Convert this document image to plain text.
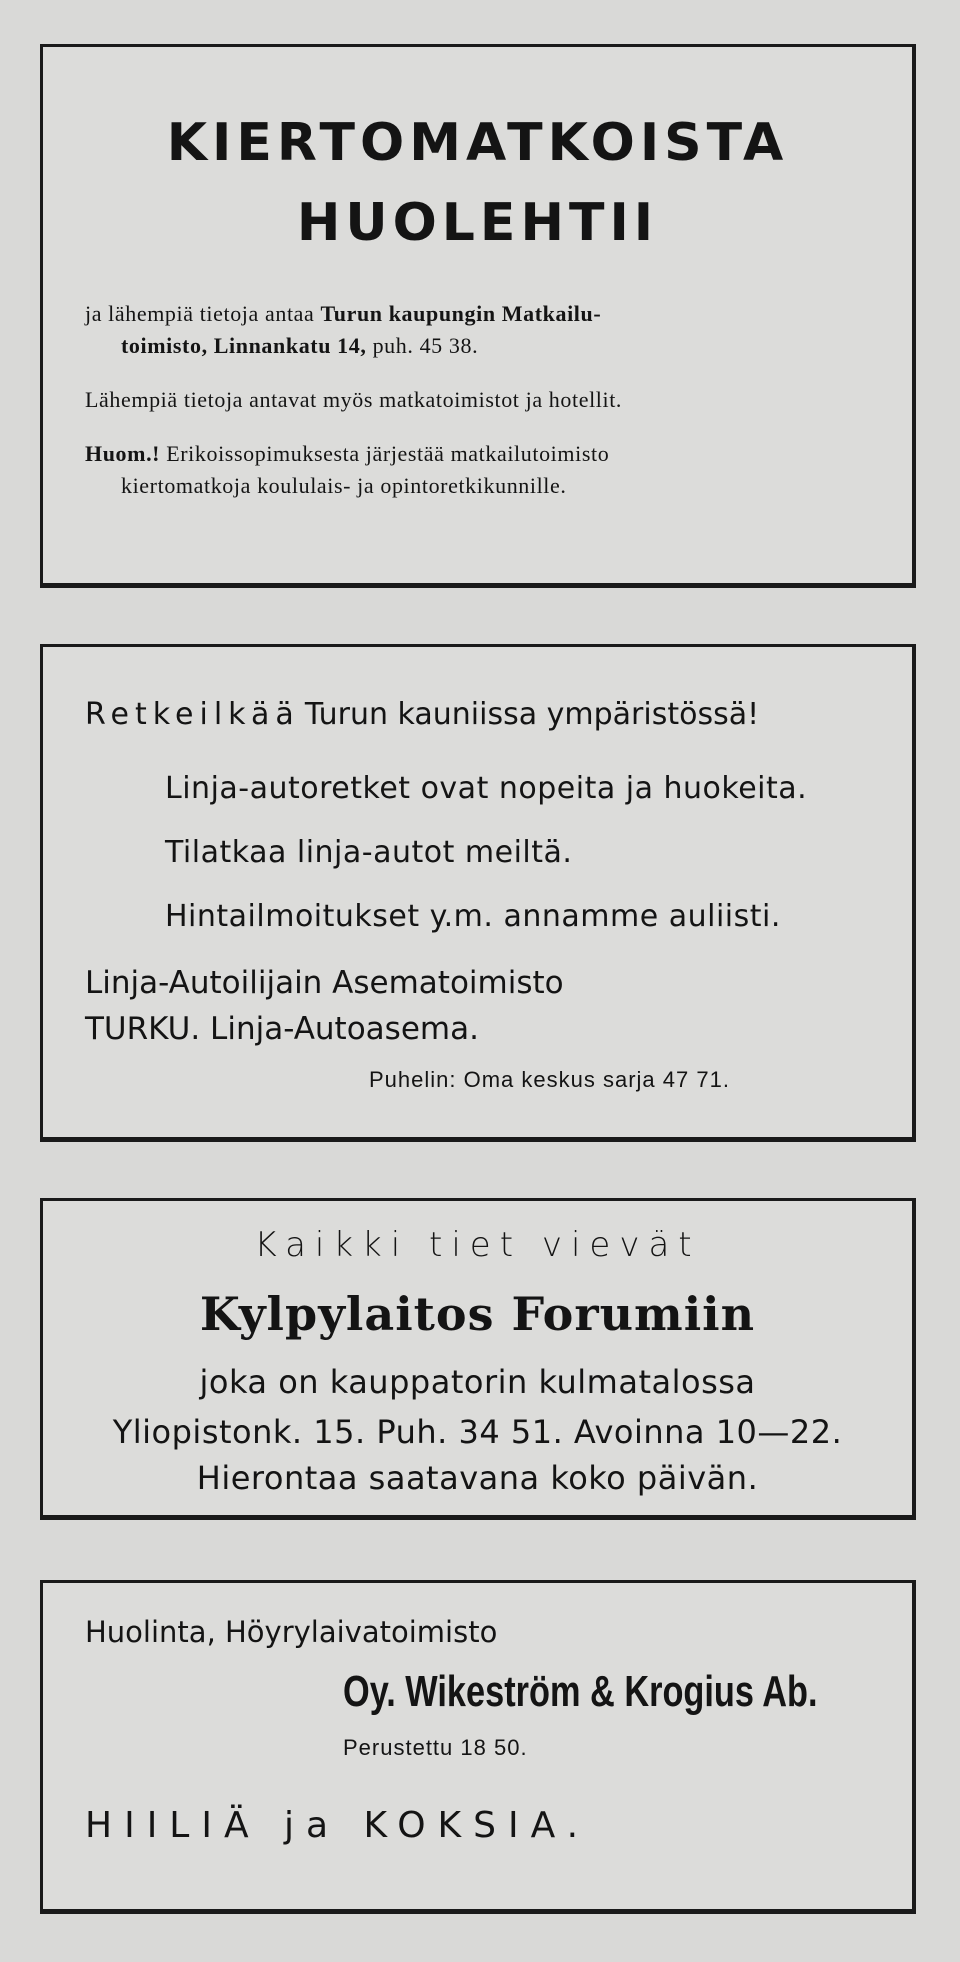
KIERTOMATKOISTA
HUOLEHTII
ja lähempiä tietoja antaa Turun kaupungin Matkailu-
toimisto, Linnankatu 14, puh. 45 38.
Lähempiä tietoja antavat myös matkatoimistot ja hotellit.
Huom.! Erikoissopimuksesta järjestää matkailutoimisto
kiertomatkoja koululais- ja opintoretkikunnille.
Retkeilkää Turun kauniissa ympäristössä!
Linja-autoretket ovat nopeita ja huokeita.
Tilatkaa linja-autot meiltä.
Hintailmoitukset y.m. annamme auliisti.
Linja-Autoilijain Asematoimisto
TURKU. Linja-Autoasema.
Puhelin: Oma keskus sarja 47 71.
Kaikki tiet vievät
Kylpylaitos Forumiin
joka on kauppatorin kulmatalossa
Yliopistonk. 15. Puh. 34 51. Avoinna 10—22.
Hierontaa saatavana koko päivän.
Huolinta, Höyrylaivatoimisto
Oy. Wikeström & Krogius Ab.
Perustettu 18 50.
HIILIÄ ja KOKSIA.
